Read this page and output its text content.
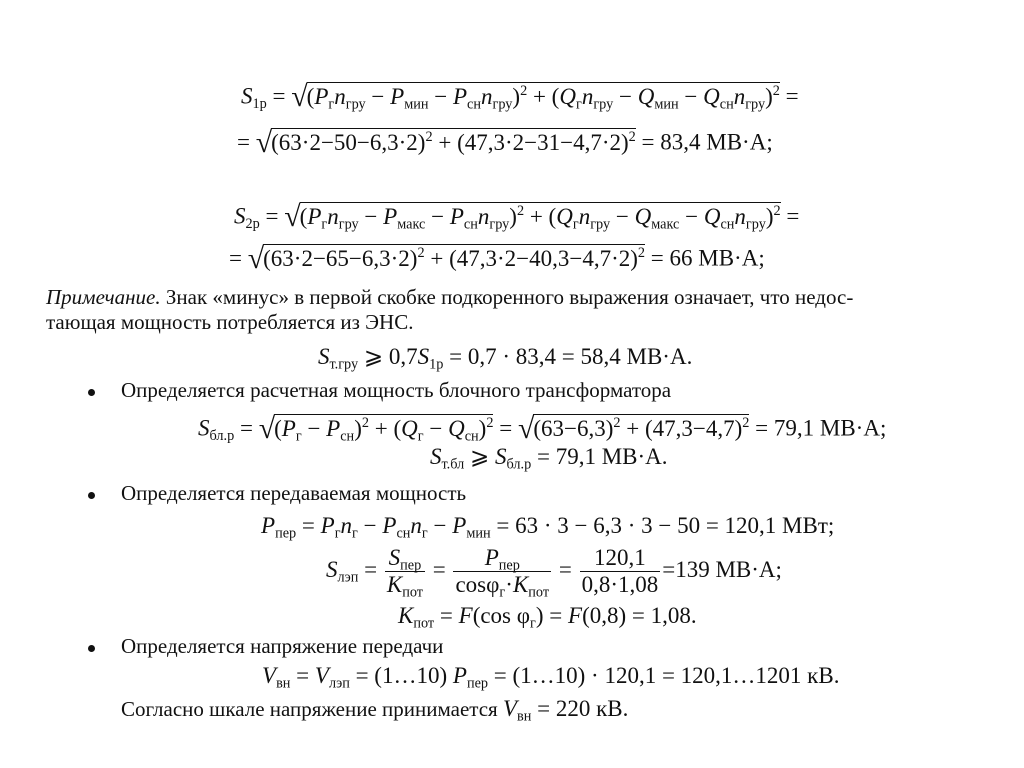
$S_{1р} = √(P_гn_{гру} - P_{мин} - P_{сн}n_{гру})^2 + (Q_гn_{гру} - Q_{мин} - Q_{сн}n_{гру})^2$ =
= $√(63\cdot 2-50-6,3\cdot 2)^2 + (47,3\cdot 2-31-4,7\cdot 2)^2 = 83,4$ МВ·А;
$S_{2р} = √(P_гn_{гру} - P_{макс} - P_{сн}n_{гру})^2 + (Q_гn_{гру} - Q_{макс} - Q_{сн}n_{гру})^2$ =
= $√(63\cdot 2-65-6,3\cdot 2)^2 + (47,3\cdot 2-40,3-4,7\cdot 2)^2 = 66$ МВ·А;
Примечание. Знак «минус» в первой скобке подкоренного выражения означает, что недос-
тающая мощность потребляется из ЭНС.
$S_{т.гру}$ ⩾ $0,7S_{1р} = 0,7 \cdot 83,4 = 58,4$ МВ·А.
Определяется расчетная мощность блочного трансформатора
$S_{бл.р} = √(P_г - P_{сн})^2 + (Q_г - Q_{сн})^2 = √(63-6,3)^2 + (47,3-4,7)^2 = 79,1$ МВ·А;
$S_{т.бл}$ ⩾ $S_{бл.р} = 79,1$ МВ·А.
Определяется передаваемая мощность
$P_{пер} = P_гn_г - P_{сн}n_г - P_{мин} = 63 \cdot 3 - 6,3 \cdot 3 - 50 = 120,1$ МВт;
$S_{лэп} = \frac{S_{пер}}{K_{пот}} = \frac{P_{пер}}{\cos\varphi_г\cdot K_{пот}} = \frac{120,1}{0,8\cdot 1,08} =139$ МВ·А;
$K_{пот} = F(\cos$ $\varphi_г) = F(0,8) = 1,08$.
Определяется напряжение передачи
$V_{вн} = V_{лэп}$ = (1…10) $P_{пер}$ = (1…10) · 120,1 = 120,1…1201 кВ.
Согласно шкале напряжение принимается $V_{вн} = 220$ кВ.
